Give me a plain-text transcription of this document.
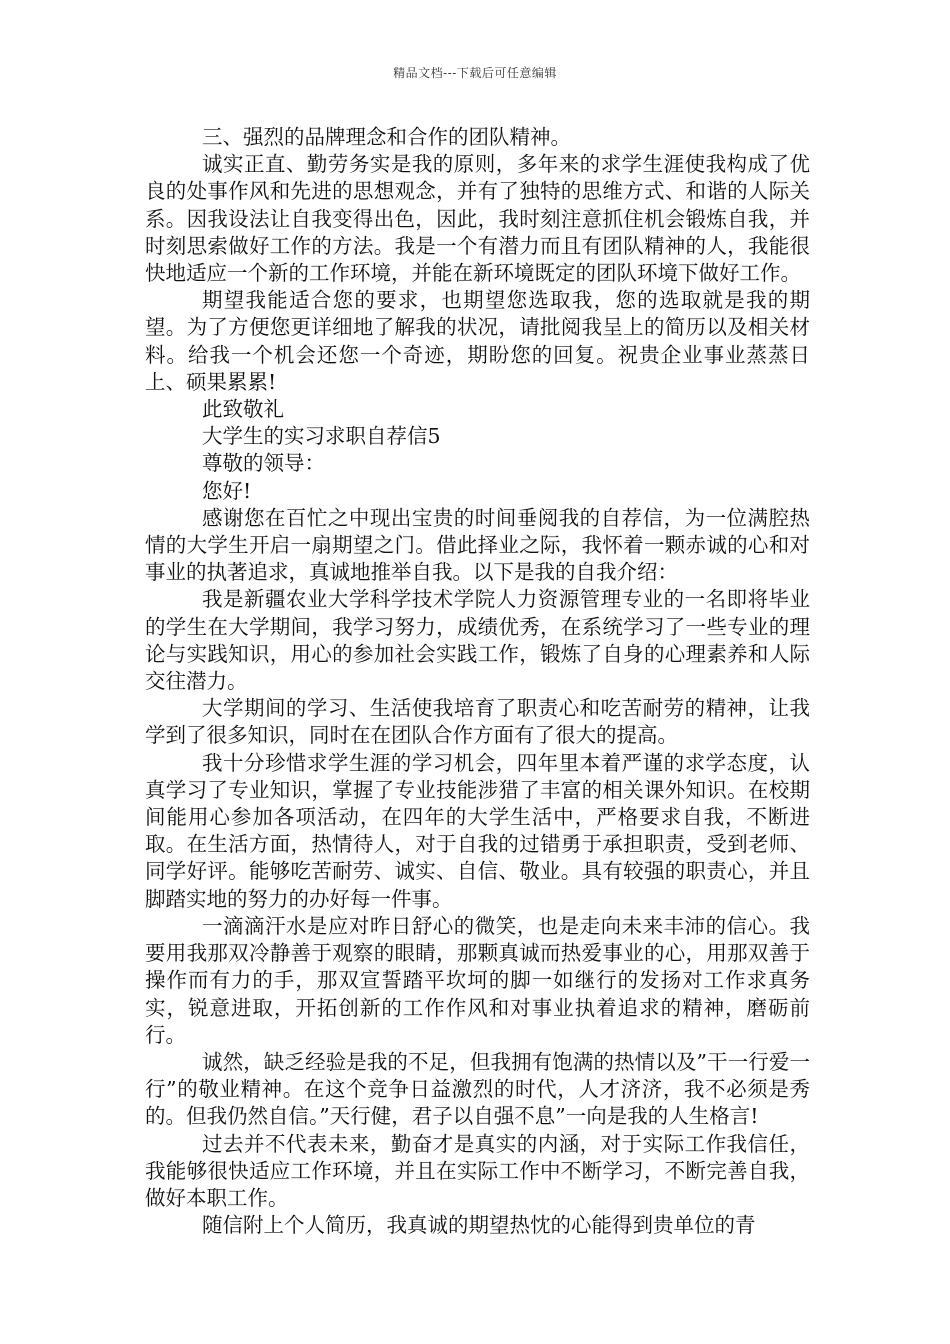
精品文档---下载后可任意编辑

三、强烈的品牌理念和合作的团队精神。

诚实正直、勤劳务实是我的原则，多年来的求学生涯使我构成了优良的处事作风和先进的思想观念，并有了独特的思维方式、和谐的人际关系。因我设法让自我变得出色，因此，我时刻注意抓住机会锻炼自我，并时刻思索做好工作的方法。我是一个有潜力而且有团队精神的人，我能很快地适应一个新的工作环境，并能在新环境既定的团队环境下做好工作。

期望我能适合您的要求，也期望您选取我，您的选取就是我的期望。为了方便您更详细地了解我的状况，请批阅我呈上的简历以及相关材料。给我一个机会还您一个奇迹，期盼您的回复。祝贵企业事业蒸蒸日上、硕果累累!

此致敬礼

大学生的实习求职自荐信5

尊敬的领导：

您好!

感谢您在百忙之中现出宝贵的时间垂阅我的自荐信，为一位满腔热情的大学生开启一扇期望之门。借此择业之际，我怀着一颗赤诚的心和对事业的执著追求，真诚地推举自我。以下是我的自我介绍：

我是新疆农业大学科学技术学院人力资源管理专业的一名即将毕业的学生在大学期间，我学习努力，成绩优秀，在系统学习了一些专业的理论与实践知识，用心的参加社会实践工作，锻炼了自身的心理素养和人际交往潜力。

大学期间的学习、生活使我培育了职责心和吃苦耐劳的精神，让我学到了很多知识，同时在在团队合作方面有了很大的提高。

我十分珍惜求学生涯的学习机会，四年里本着严谨的求学态度，认真学习了专业知识，掌握了专业技能涉猎了丰富的相关课外知识。在校期间能用心参加各项活动，在四年的大学生活中，严格要求自我，不断进取。在生活方面，热情待人，对于自我的过错勇于承担职责，受到老师、同学好评。能够吃苦耐劳、诚实、自信、敬业。具有较强的职责心，并且脚踏实地的努力的办好每一件事。

一滴滴汗水是应对昨日舒心的微笑，也是走向未来丰沛的信心。我要用我那双冷静善于观察的眼睛，那颗真诚而热爱事业的心，用那双善于操作而有力的手，那双宣誓踏平坎坷的脚一如继行的发扬对工作求真务实，锐意进取，开拓创新的工作作风和对事业执着追求的精神，磨砺前行。

诚然，缺乏经验是我的不足，但我拥有饱满的热情以及”干一行爱一行”的敬业精神。在这个竞争日益激烈的时代，人才济济，我不必须是秀的。但我仍然自信。”天行健，君子以自强不息”一向是我的人生格言!

过去并不代表未来，勤奋才是真实的内涵，对于实际工作我信任，我能够很快适应工作环境，并且在实际工作中不断学习，不断完善自我，做好本职工作。

随信附上个人简历，我真诚的期望热忱的心能得到贵单位的青
